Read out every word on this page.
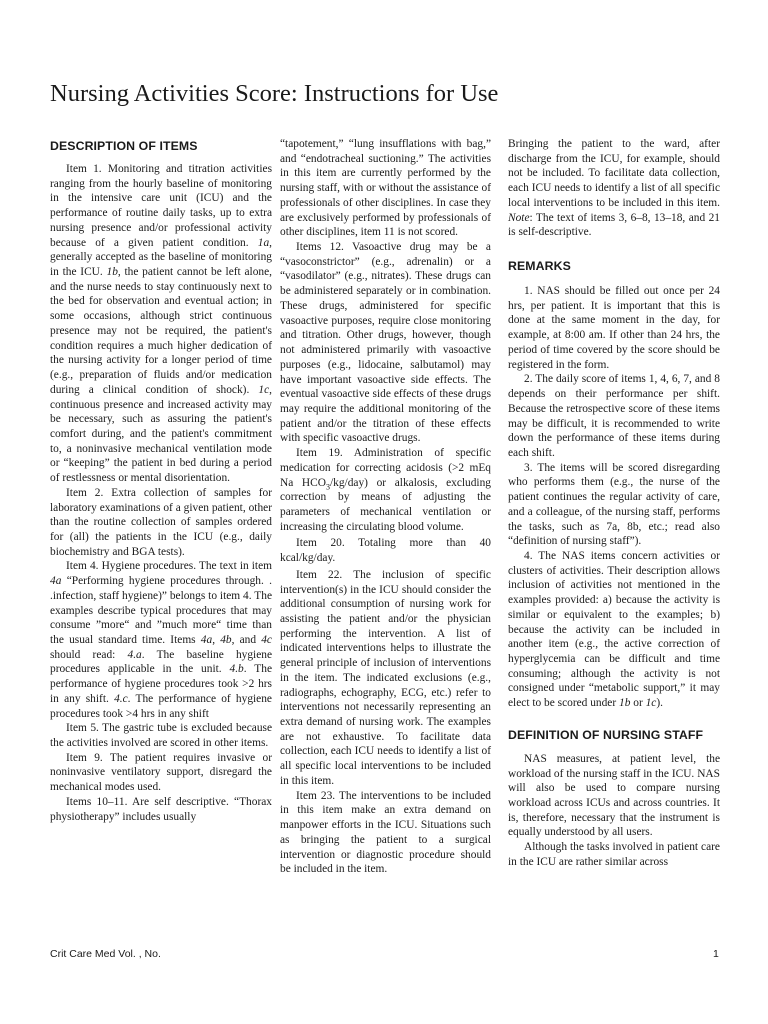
Nursing Activities Score: Instructions for Use
DESCRIPTION OF ITEMS

Item 1. Monitoring and titration activities ranging from the hourly baseline of monitoring in the intensive care unit (ICU) and the performance of routine daily tasks, up to extra nursing presence and/or professional activity because of a given patient condition. 1a, generally accepted as the baseline of monitoring in the ICU. 1b, the patient cannot be left alone, and the nurse needs to stay continuously next to the bed for observation and eventual action; in some occasions, although strict continuous presence may not be required, the patient's condition requires a much higher dedication of the nursing activity for a longer period of time (e.g., preparation of fluids and/or medication during a clinical condition of shock). 1c, continuous presence and increased activity may be necessary, such as assuring the patient's comfort during, and the patient's commitment to, a noninvasive mechanical ventilation mode or “keeping” the patient in bed during a period of restlessness or mental disorientation.

Item 2. Extra collection of samples for laboratory examinations of a given patient, other than the routine collection of samples ordered for (all) the patients in the ICU (e.g., daily biochemistry and BGA tests).

Item 4. Hygiene procedures. The text in item 4a “Performing hygiene procedures through. . .infection, staff hygiene)” belongs to item 4. The examples describe typical procedures that may consume ”more“ and ”much more“ time than the usual standard time. Items 4a, 4b, and 4c should read: 4.a. The baseline hygiene procedures applicable in the unit. 4.b. The performance of hygiene procedures took >2 hrs in any shift. 4.c. The performance of hygiene procedures took >4 hrs in any shift

Item 5. The gastric tube is excluded because the activities involved are scored in other items.

Item 9. The patient requires invasive or noninvasive ventilatory support, disregard the mechanical modes used.

Items 10–11. Are self descriptive. “Thorax physiotherapy” includes usually

“tapotement,” “lung insufflations with bag,” and “endotracheal suctioning.” The activities in this item are currently performed by the nursing staff, with or without the assistance of professionals of other disciplines. In case they are exclusively performed by professionals of other disciplines, item 11 is not scored.

Items 12. Vasoactive drug may be a “vasoconstrictor” (e.g., adrenalin) or a “vasodilator” (e.g., nitrates). These drugs can be administered separately or in combination. These drugs, administered for specific vasoactive purposes, require close monitoring and titration. Other drugs, however, though not administered primarily with vasoactive purposes (e.g., lidocaine, salbutamol) may have important vasoactive side effects. The eventual vasoactive side effects of these drugs may require the additional monitoring of the patient and/or the titration of these effects with specific vasoactive drugs.

Item 19. Administration of specific medication for correcting acidosis (>2 mEq Na $HCO_3/kg/day$) or alkalosis, excluding correction by means of adjusting the parameters of mechanical ventilation or increasing the circulating blood volume.

Item 20. Totaling more than 40 kcal/kg/day.

Item 22. The inclusion of specific intervention(s) in the ICU should consider the additional consumption of nursing work for assisting the patient and/or the physician performing the intervention. A list of indicated interventions helps to illustrate the general principle of inclusion of interventions in the item. The indicated exclusions (e.g., radiographs, echography, ECG, etc.) refer to interventions not necessarily representing an extra demand of nursing work. The examples are not exhaustive. To facilitate data collection, each ICU needs to identify a list of all specific local interventions to be included in this item.

Item 23. The interventions to be included in this item make an extra demand on manpower efforts in the ICU. Situations such as bringing the patient to a surgical intervention or diagnostic procedure should be included in the item.

Bringing the patient to the ward, after discharge from the ICU, for example, should not be included. To facilitate data collection, each ICU needs to identify a list of all specific local interventions to be included in this item. Note: The text of items 3, 6–8, 13–18, and 21 is self-descriptive.

REMARKS

1. NAS should be filled out once per 24 hrs, per patient. It is important that this is done at the same moment in the day, for example, at 8:00 am. If other than 24 hrs, the period of time covered by the score should be registered in the form.

2. The daily score of items 1, 4, 6, 7, and 8 depends on their performance per shift. Because the retrospective score of these items may be difficult, it is recommended to write down the performance of these items during each shift.

3. The items will be scored disregarding who performs them (e.g., the nurse of the patient continues the regular activity of care, and a colleague, of the nursing staff, performs the tasks, such as 7a, 8b, etc.; read also “definition of nursing staff”).

4. The NAS items concern activities or clusters of activities. Their description allows inclusion of activities not mentioned in the examples provided: a) because the activity is similar or equivalent to the examples; b) because the activity can be included in another item (e.g., the active correction of hyperglycemia can be difficult and time consuming; although the activity is not consigned under “metabolic support,” it may elect to be scored under 1b or 1c).

DEFINITION OF NURSING STAFF

NAS measures, at patient level, the workload of the nursing staff in the ICU. NAS will also be used to compare nursing workload across ICUs and across countries. It is, therefore, necessary that the instrument is equally understood by all users.

Although the tasks involved in patient care in the ICU are rather similar across

Crit Care Med Vol. , No.	1
